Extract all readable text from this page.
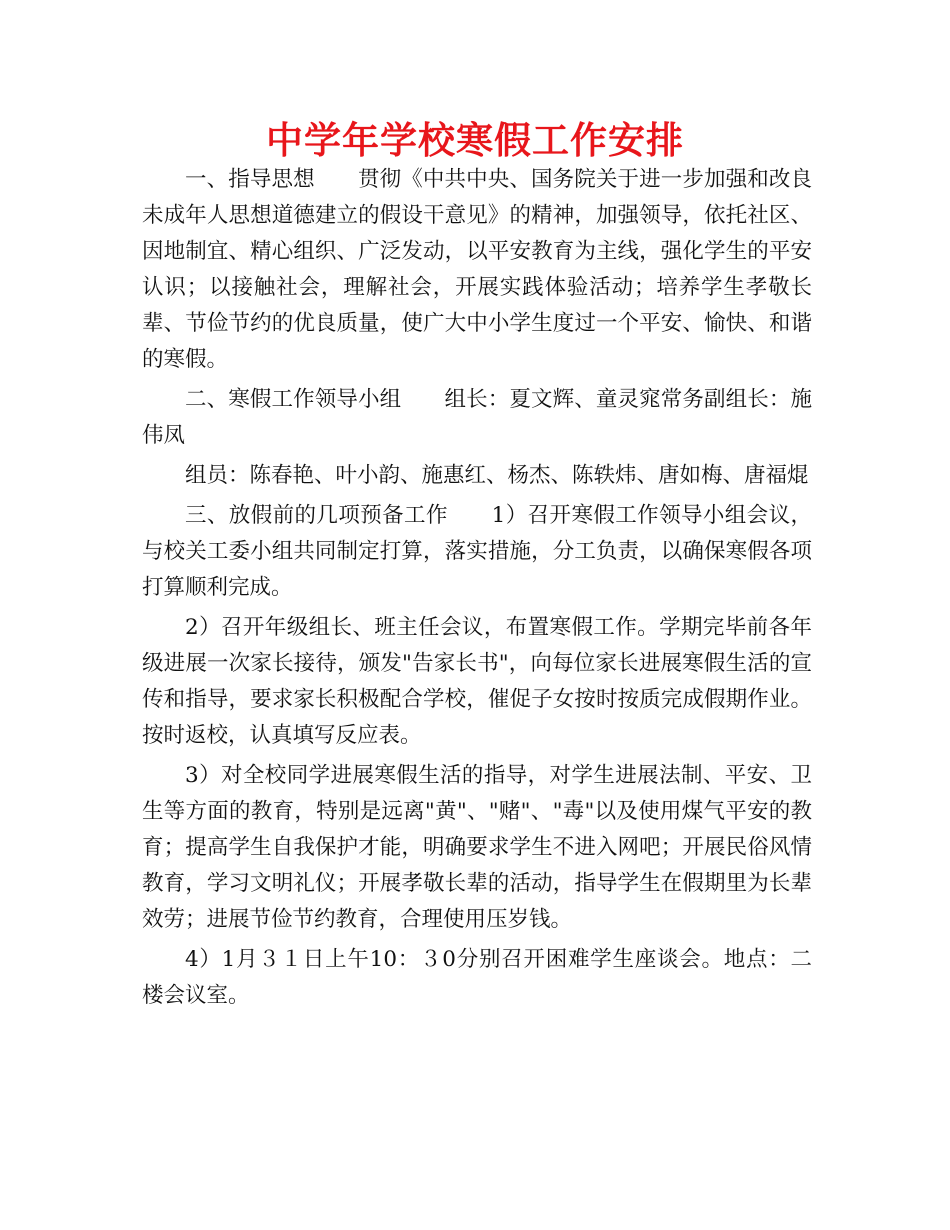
中学年学校寒假工作安排

一、指导思想　　贯彻《中共中央、国务院关于进一步加强和改良未成年人思想道德建立的假设干意见》的精神，加强领导，依托社区、因地制宜、精心组织、广泛发动，以平安教育为主线，强化学生的平安认识；以接触社会，理解社会，开展实践体验活动；培养学生孝敬长辈、节俭节约的优良质量，使广大中小学生度过一个平安、愉快、和谐的寒假。

二、寒假工作领导小组　　组长：夏文辉、童灵窕常务副组长：施伟凤

组员：陈春艳、叶小韵、施惠红、杨杰、陈轶炜、唐如梅、唐福焜

三、放假前的几项预备工作　　1）召开寒假工作领导小组会议，与校关工委小组共同制定打算，落实措施，分工负责，以确保寒假各项打算顺利完成。

2）召开年级组长、班主任会议，布置寒假工作。学期完毕前各年级进展一次家长接待，颁发"告家长书"，向每位家长进展寒假生活的宣传和指导，要求家长积极配合学校，催促子女按时按质完成假期作业。按时返校，认真填写反应表。

3）对全校同学进展寒假生活的指导，对学生进展法制、平安、卫生等方面的教育，特别是远离"黄"、"赌"、"毒"以及使用煤气平安的教育；提高学生自我保护才能，明确要求学生不进入网吧；开展民俗风情教育，学习文明礼仪；开展孝敬长辈的活动，指导学生在假期里为长辈效劳；进展节俭节约教育，合理使用压岁钱。

4）1月３１日上午10：３0分别召开困难学生座谈会。地点：二楼会议室。
